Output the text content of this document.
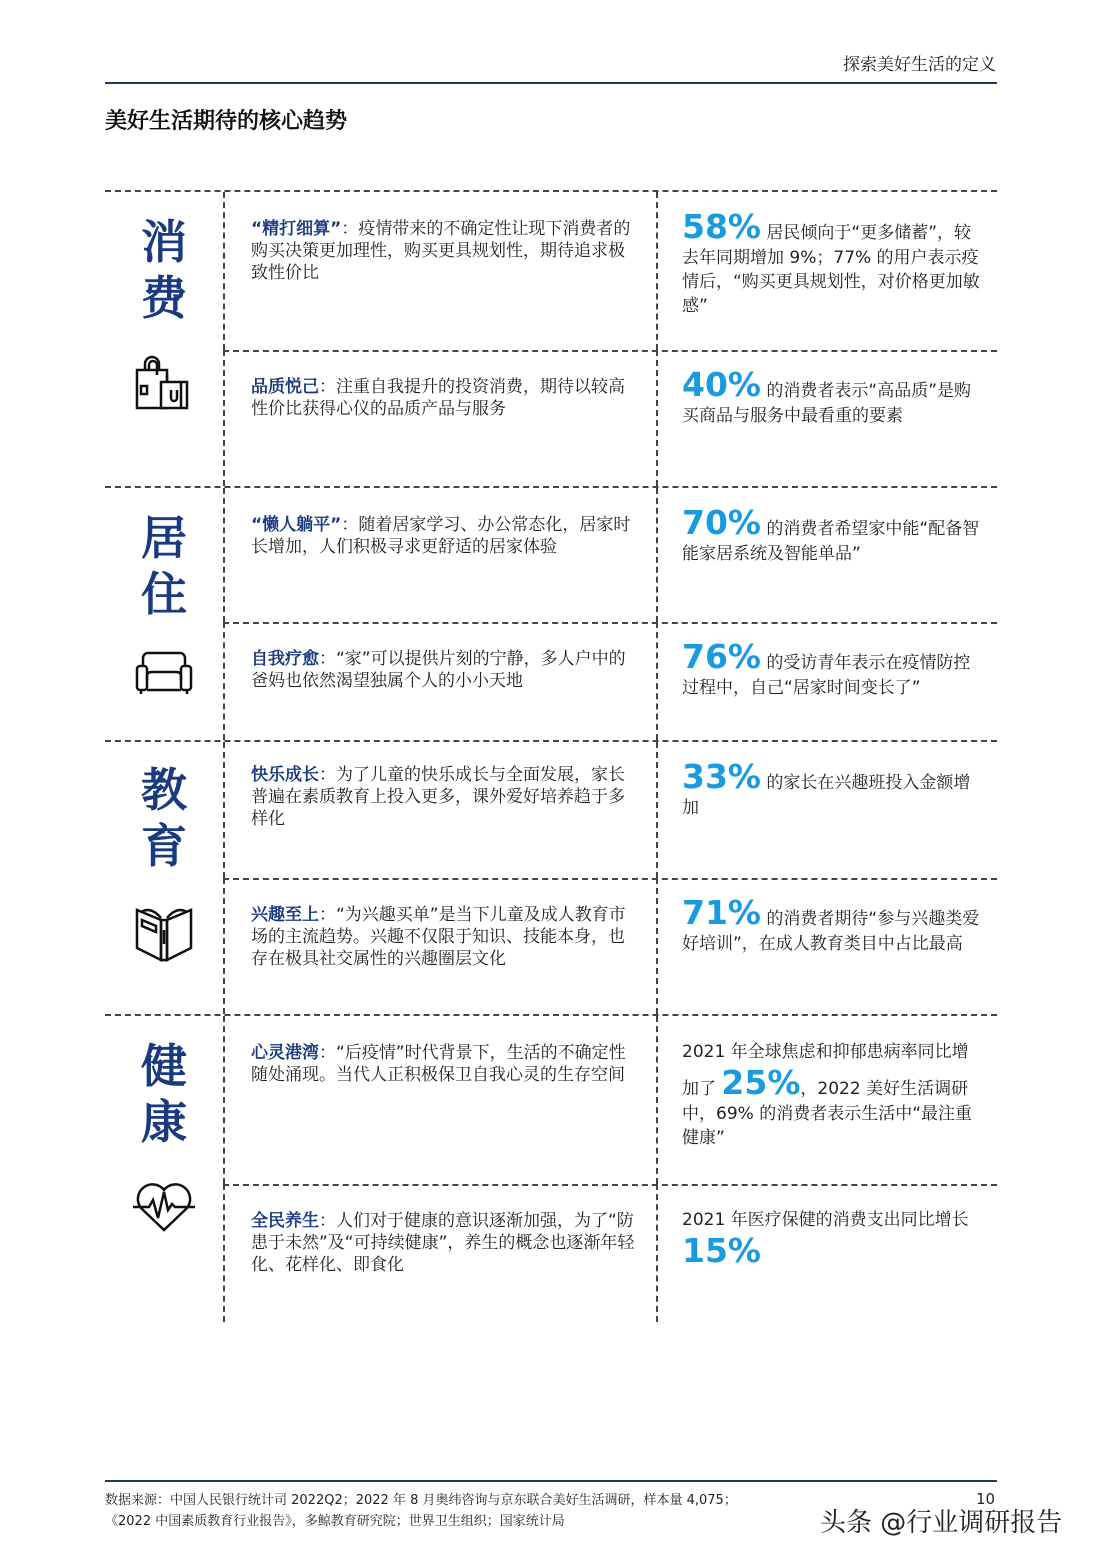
探索美好生活的定义
美好生活期待的核心趋势
消费
“精打细算”：疫情带来的不确定性让现下消费者的购买决策更加理性，购买更具规划性，期待追求极致性价比
58% 居民倾向于“更多储蓄”，较去年同期增加 9%；77% 的用户表示疫情后，“购买更具规划性，对价格更加敏感”
品质悦己：注重自我提升的投资消费，期待以较高性价比获得心仪的品质产品与服务
40% 的消费者表示“高品质”是购买商品与服务中最看重的要素
居住
“懒人躺平”：随着居家学习、办公常态化，居家时长增加，人们积极寻求更舒适的居家体验
70% 的消费者希望家中能“配备智能家居系统及智能单品”
自我疗愈：“家”可以提供片刻的宁静，多人户中的爸妈也依然渴望独属个人的小小天地
76% 的受访青年表示在疫情防控过程中，自己“居家时间变长了”
教育
快乐成长：为了儿童的快乐成长与全面发展，家长普遍在素质教育上投入更多，课外爱好培养趋于多样化
33% 的家长在兴趣班投入金额增加
兴趣至上：“为兴趣买单”是当下儿童及成人教育市场的主流趋势。兴趣不仅限于知识、技能本身，也存在极具社交属性的兴趣圈层文化
71% 的消费者期待“参与兴趣类爱好培训”，在成人教育类目中占比最高
健康
心灵港湾：“后疫情”时代背景下，生活的不确定性随处涌现。当代人正积极保卫自我心灵的生存空间
2021 年全球焦虑和抑郁患病率同比增加了 25%，2022 美好生活调研中，69% 的消费者表示生活中“最注重健康”
全民养生：人们对于健康的意识逐渐加强，为了“防患于未然”及“可持续健康”，养生的概念也逐渐年轻化、花样化、即食化
2021 年医疗保健的消费支出同比增长 15%
数据来源：中国人民银行统计司 2022Q2；2022 年 8 月奥纬咨询与京东联合美好生活调研，样本量 4,075；
《2022 中国素质教育行业报告》，多鲸教育研究院；世界卫生组织；国家统计局
10
头条 @行业调研报告
